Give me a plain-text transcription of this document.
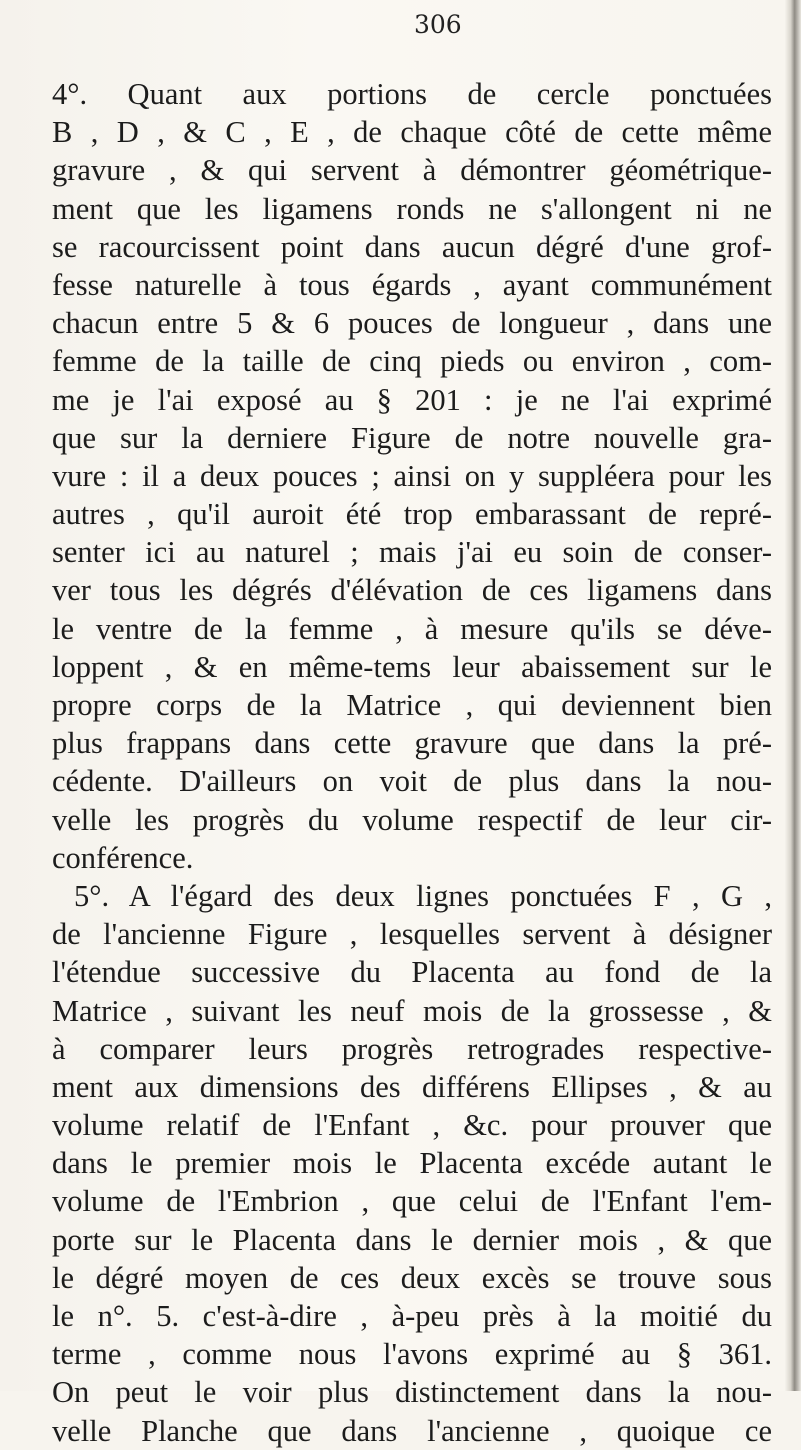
306
4°. Quant aux portions de cercle ponctuées
B , D , & C , E , de chaque côté de cette même
gravure , & qui servent à démontrer géométrique-
ment que les ligamens ronds ne s'allongent ni ne
se racourcissent point dans aucun dégré d'une grof-
fesse naturelle à tous égards , ayant communément
chacun entre 5 & 6 pouces de longueur , dans une
femme de la taille de cinq pieds ou environ , com-
me je l'ai exposé au § 201 : je ne l'ai exprimé
que sur la derniere Figure de notre nouvelle gra-
vure : il a deux pouces ; ainsi on y suppléera pour les
autres , qu'il auroit été trop embarassant de repré-
senter ici au naturel ; mais j'ai eu soin de conser-
ver tous les dégrés d'élévation de ces ligamens dans
le ventre de la femme , à mesure qu'ils se déve-
loppent , & en même-tems leur abaissement sur le
propre corps de la Matrice , qui deviennent bien
plus frappans dans cette gravure que dans la pré-
cédente. D'ailleurs on voit de plus dans la nou-
velle les progrès du volume respectif de leur cir-
conférence.
5°. A l'égard des deux lignes ponctuées F , G ,
de l'ancienne Figure , lesquelles servent à désigner
l'étendue successive du Placenta au fond de la
Matrice , suivant les neuf mois de la grossesse , &
à comparer leurs progrès retrogrades respective-
ment aux dimensions des différens Ellipses , & au
volume relatif de l'Enfant , &c. pour prouver que
dans le premier mois le Placenta excéde autant le
volume de l'Embrion , que celui de l'Enfant l'em-
porte sur le Placenta dans le dernier mois , & que
le dégré moyen de ces deux excès se trouve sous
le n°. 5. c'est-à-dire , à-peu près à la moitié du
terme , comme nous l'avons exprimé au § 361.
On peut le voir plus distinctement dans la nou-
velle Planche que dans l'ancienne , quoique ce
